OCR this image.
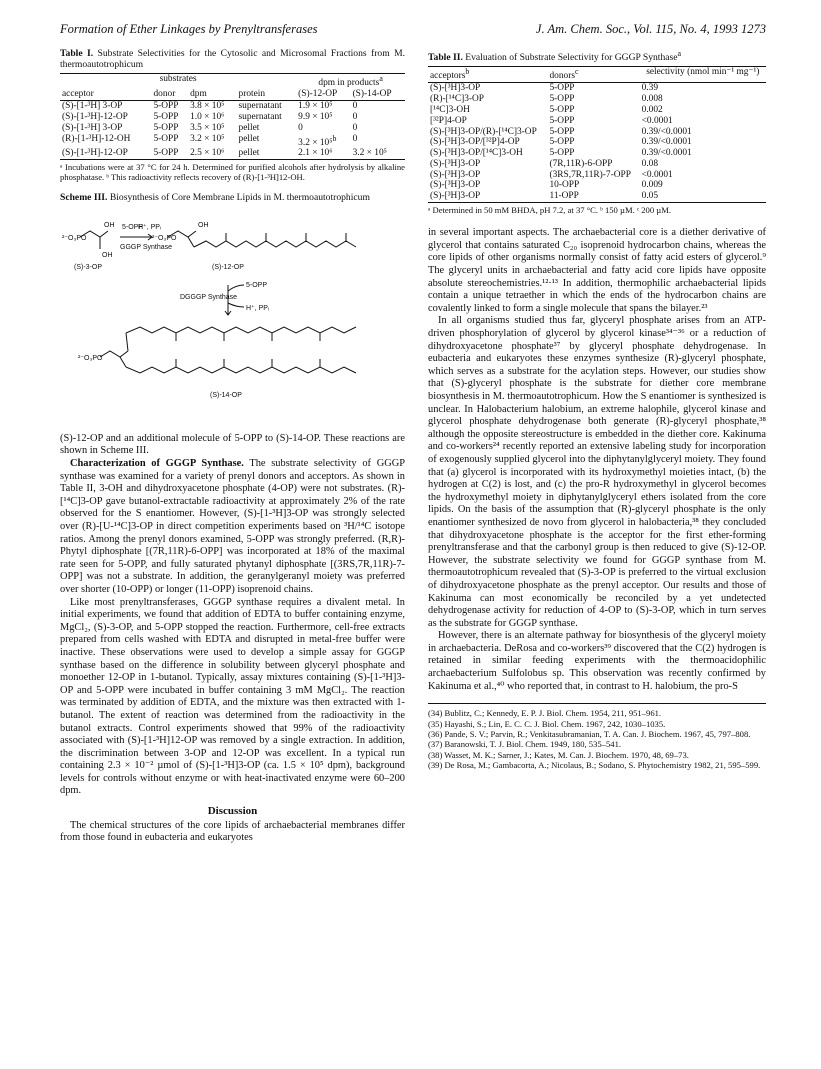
Formation of Ether Linkages by Prenyltransferases	J. Am. Chem. Soc., Vol. 115, No. 4, 1993 1273
Table I. Substrate Selectivities for the Cytosolic and Microsomal Fractions from M. thermoautotrophicum
substrates				dpm in products$^a$
acceptor	donor	dpm	protein	(S)-12-OP	(S)-14-OP
(S)-[1-³H] 3-OP	5-OPP	3.8 × 10⁵	supernatant	1.9 × 10⁵	0
(S)-[1-³H]-12-OP	5-OPP	1.0 × 10⁶	supernatant	9.9 × 10⁵	0
(S)-[1-³H] 3-OP	5-OPP	3.5 × 10⁵	pellet	0	0
(R)-[1-³H]-12-OH	5-OPP	3.2 × 10⁵	pellet	3.2 × 10⁵$^b$	0
(S)-[1-³H]-12-OP	5-OPP	2.5 × 10⁶	pellet	2.1 × 10⁶	3.2 × 10⁵
ᵃ Incubations were at 37 °C for 24 h. Determined for purified alcohols after hydrolysis by alkaline phosphatase. ᵇ This radioactivity reflects recovery of (R)-[1-³H]12-OH.
Scheme III. Biosynthesis of Core Membrane Lipids in M. thermoautotrophicum
²⁻O₃PO
OH
OH
(S)-3-OP
5-OPP
H⁺, PPᵢ
GGGP Synthase
²⁻O₃PO
OH
(S)-12-OP
DGGGP Synthase
5-OPP
H⁺, PPᵢ
²⁻O₃PO
(S)-14-OP

(S)-12-OP and an additional molecule of 5-OPP to (S)-14-OP. These reactions are shown in Scheme III.

Characterization of GGGP Synthase. The substrate selectivity of GGGP synthase was examined for a variety of prenyl donors and acceptors. As shown in Table II, 3-OH and dihydroxyacetone phosphate (4-OP) were not substrates. (R)-[¹⁴C]3-OP gave butanol-extractable radioactivity at approximately 2% of the rate observed for the S enantiomer. However, (S)-[1-³H]3-OP was strongly selected over (R)-[U-¹⁴C]3-OP in direct competition experiments based on ³H/¹⁴C isotope ratios. Among the prenyl donors examined, 5-OPP was strongly preferred. (R,R)-Phytyl diphosphate [(7R,11R)-6-OPP] was incorporated at 18% of the maximal rate seen for 5-OPP, and fully saturated phytanyl diphosphate [(3RS,7R,11R)-7-OPP] was not a substrate. In addition, the geranylgeranyl moiety was preferred over shorter (10-OPP) or longer (11-OPP) isoprenoid chains.

Like most prenyltransferases, GGGP synthase requires a divalent metal. In initial experiments, we found that addition of EDTA to buffer containing enzyme, MgCl₂, (S)-3-OP, and 5-OPP stopped the reaction. Furthermore, cell-free extracts prepared from cells washed with EDTA and disrupted in metal-free buffer were inactive. These observations were used to develop a simple assay for GGGP synthase based on the difference in solubility between glyceryl phosphate and monoether 12-OP in 1-butanol. Typically, assay mixtures containing (S)-[1-³H]3-OP and 5-OPP were incubated in buffer containing 3 mM MgCl₂. The reaction was terminated by addition of EDTA, and the mixture was then extracted with 1-butanol. The extent of reaction was determined from the radioactivity in the butanol extracts. Control experiments showed that 99% of the radioactivity associated with (S)-[1-³H]12-OP was removed by a single extraction. In addition, the discrimination between 3-OP and 12-OP was excellent. In a typical run containing 2.3 × 10⁻² µmol of (S)-[1-³H]3-OP (ca. 1.5 × 10⁵ dpm), background levels for controls without enzyme or with heat-inactivated enzyme were 60–200 dpm.

Discussion

The chemical structures of the core lipids of archaebacterial membranes differ from those found in eubacteria and eukaryotes

Table II. Evaluation of Substrate Selectivity for GGGP Synthase$^a$
acceptors$^b$	donors$^c$	selectivity (nmol min⁻¹ mg⁻¹)
(S)-[³H]3-OP	5-OPP	0.39
(R)-[¹⁴C]3-OP	5-OPP	0.008
[¹⁴C]3-OH	5-OPP	0.002
[³²P]4-OP	5-OPP	<0.0001
(S)-[³H]3-OP/(R)-[¹⁴C]3-OP	5-OPP	0.39/<0.0001
(S)-[³H]3-OP/[³²P]4-OP	5-OPP	0.39/<0.0001
(S)-[³H]3-OP/[¹⁴C]3-OH	5-OPP	0.39/<0.0001
(S)-[³H]3-OP	(7R,11R)-6-OPP	0.08
(S)-[³H]3-OP	(3RS,7R,11R)-7-OPP	<0.0001
(S)-[³H]3-OP	10-OPP	0.009
(S)-[³H]3-OP	11-OPP	0.05
ᵃ Determined in 50 mM BHDA, pH 7.2, at 37 °C. ᵇ 150 µM. ᶜ 200 µM.

in several important aspects. The archaebacterial core is a diether derivative of glycerol that contains saturated C₂₀ isoprenoid hydrocarbon chains, whereas the core lipids of other organisms normally consist of fatty acid esters of glycerol.⁹ The glyceryl units in archaebacterial and fatty acid core lipids have opposite absolute stereochemistries.¹²·¹³ In addition, thermophilic archaebacterial lipids contain a unique tetraether in which the ends of the hydrocarbon chains are covalently linked to form a single molecule that spans the bilayer.²³

In all organisms studied thus far, glyceryl phosphate arises from an ATP-driven phosphorylation of glycerol by glycerol kinase³⁴⁻³⁶ or a reduction of dihydroxyacetone phosphate³⁷ by glyceryl phosphate dehydrogenase. In eubacteria and eukaryotes these enzymes synthesize (R)-glyceryl phosphate, which serves as a substrate for the acylation steps. However, our studies show that (S)-glyceryl phosphate is the substrate for diether core membrane biosynthesis in M. thermoautotrophicum. How the S enantiomer is synthesized is unclear. In Halobacterium halobium, an extreme halophile, glycerol kinase and glycerol phosphate dehydrogenase both generate (R)-glyceryl phosphate,³⁸ although the opposite stereostructure is embedded in the diether core. Kakinuma and co-workers²⁴ recently reported an extensive labeling study for incorporation of exogenously supplied glycerol into the diphytanylglyceryl moiety. They found that (a) glycerol is incorporated with its hydroxymethyl moieties intact, (b) the hydrogen at C(2) is lost, and (c) the pro-R hydroxymethyl in glycerol becomes the hydroxymethyl moiety in diphytanylglyceryl ethers isolated from the core lipids. On the basis of the assumption that (R)-glyceryl phosphate is the only enantiomer synthesized de novo from glycerol in halobacteria,³⁸ they concluded that dihydroxyacetone phosphate is the acceptor for the first ether-forming prenyltransferase and that the carbonyl group is then reduced to give (S)-12-OP. However, the substrate selectivity we found for GGGP synthase from M. thermoautotrophicum revealed that (S)-3-OP is preferred to the virtual exclusion of dihydroxyacetone phosphate as the prenyl acceptor. Our results and those of Kakinuma can most economically be reconciled by a yet undetected dehydrogenase activity for reduction of 4-OP to (S)-3-OP, which in turn serves as the substrate for GGGP synthase.

However, there is an alternate pathway for biosynthesis of the glyceryl moiety in archaebacteria. DeRosa and co-workers³⁹ discovered that the C(2) hydrogen is retained in similar feeding experiments with the thermoacidophilic archaebacterium Sulfolobus sp. This observation was recently confirmed by Kakinuma et al.,⁴⁰ who reported that, in contrast to H. halobium, the pro-S

(34) Bublitz, C.; Kennedy, E. P. J. Biol. Chem. 1954, 211, 951–961.
(35) Hayashi, S.; Lin, E. C. C. J. Biol. Chem. 1967, 242, 1030–1035.
(36) Pande, S. V.; Parvin, R.; Venkitasubramanian, T. A. Can. J. Biochem. 1967, 45, 797–808.
(37) Baranowski, T. J. Biol. Chem. 1949, 180, 535–541.
(38) Wasset, M. K.; Sarner, J.; Kates, M. Can. J. Biochem. 1970, 48, 69–73.
(39) De Rosa, M.; Gambacorta, A.; Nicolaus, B.; Sodano, S. Phytochemistry 1982, 21, 595–599.
